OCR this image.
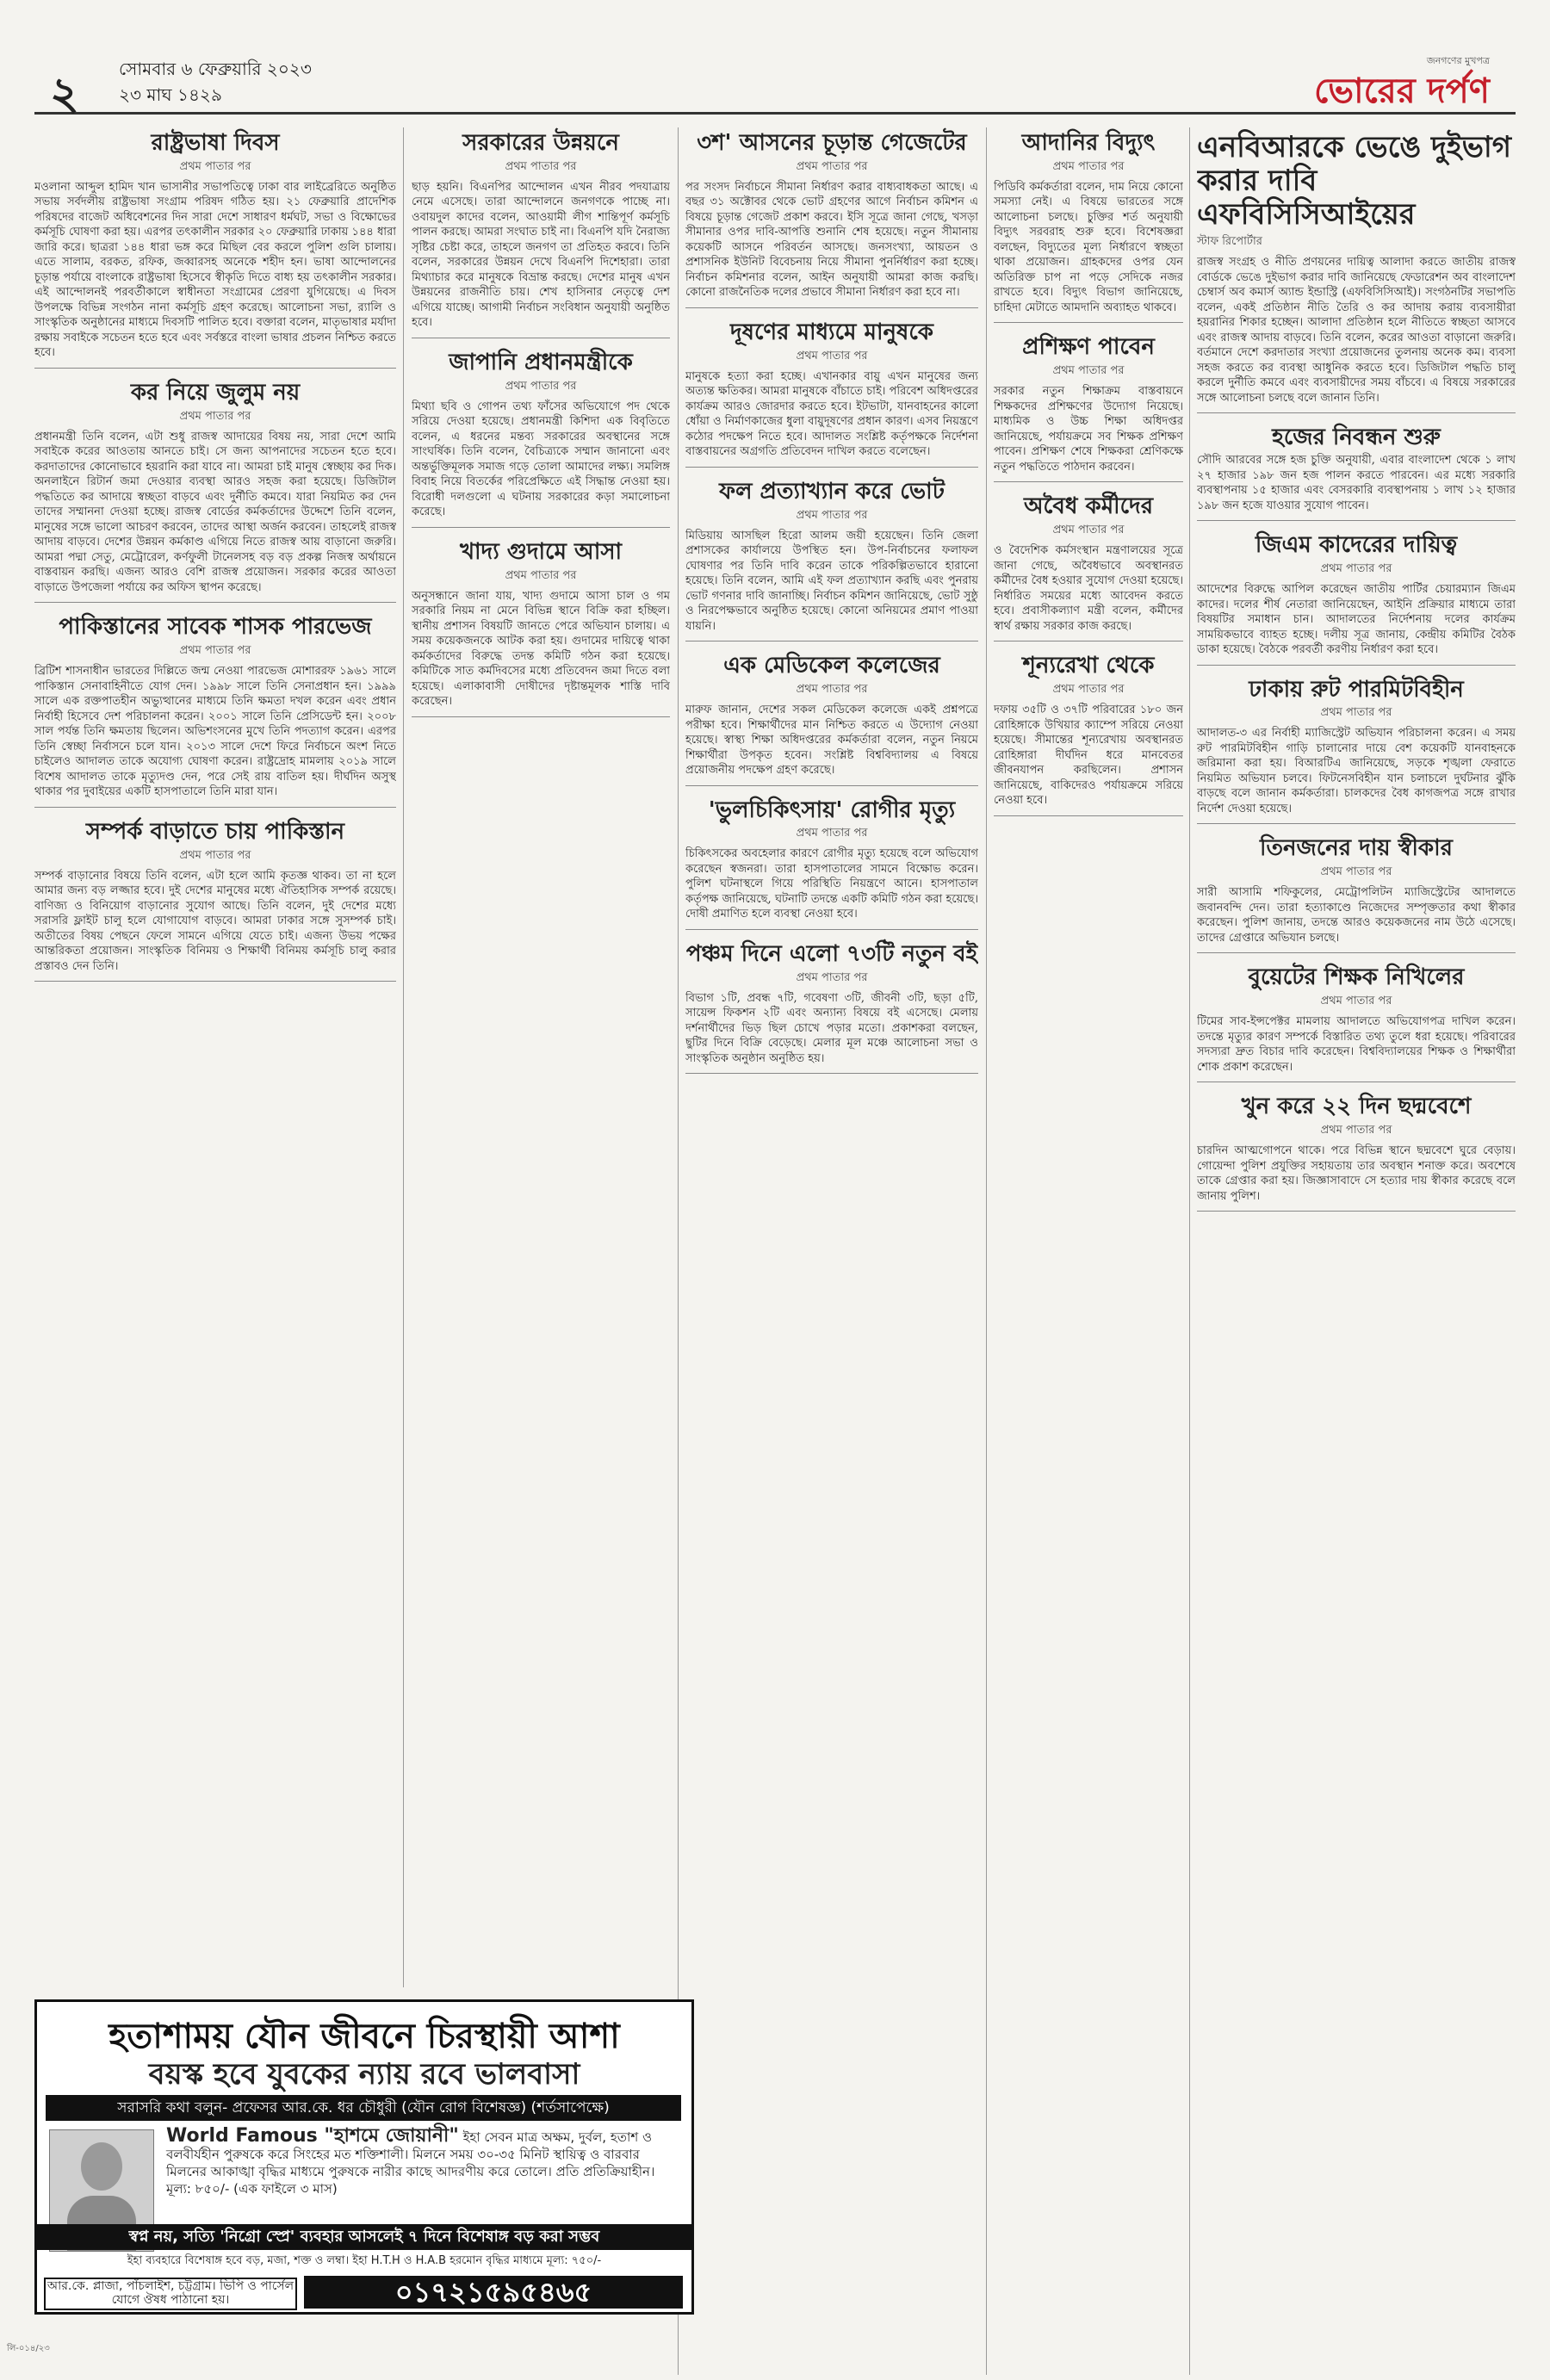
২ সোমবার ৬ ফেব্রুয়ারি ২০২৩
২৩ মাঘ ১৪২৯
জনগণের মুখপত্র
ভোরের দর্পণ
রাষ্ট্রভাষা দিবস
প্রথম পাতার পর

মওলানা আব্দুল হামিদ খান ভাসানীর সভাপতিত্বে ঢাকা বার লাইব্রেরিতে অনুষ্ঠিত সভায় সর্বদলীয় রাষ্ট্রভাষা সংগ্রাম পরিষদ গঠিত হয়। ২১ ফেব্রুয়ারি প্রাদেশিক পরিষদের বাজেট অধিবেশনের দিন সারা দেশে সাধারণ ধর্মঘট, সভা ও বিক্ষোভের কর্মসূচি ঘোষণা করা হয়। এরপর তৎকালীন সরকার ২০ ফেব্রুয়ারি ঢাকায় ১৪৪ ধারা জারি করে। ছাত্ররা ১৪৪ ধারা ভঙ্গ করে মিছিল বের করলে পুলিশ গুলি চালায়। এতে সালাম, বরকত, রফিক, জব্বারসহ অনেকে শহীদ হন। ভাষা আন্দোলনের চূড়ান্ত পর্যায়ে বাংলাকে রাষ্ট্রভাষা হিসেবে স্বীকৃতি দিতে বাধ্য হয় তৎকালীন সরকার। এই আন্দোলনই পরবর্তীকালে স্বাধীনতা সংগ্রামের প্রেরণা যুগিয়েছে। এ দিবস উপলক্ষে বিভিন্ন সংগঠন নানা কর্মসূচি গ্রহণ করেছে। আলোচনা সভা, র‌্যালি ও সাংস্কৃতিক অনুষ্ঠানের মাধ্যমে দিবসটি পালিত হবে। বক্তারা বলেন, মাতৃভাষার মর্যাদা রক্ষায় সবাইকে সচেতন হতে হবে এবং সর্বস্তরে বাংলা ভাষার প্রচলন নিশ্চিত করতে হবে।

কর নিয়ে জুলুম নয়
প্রথম পাতার পর

প্রধানমন্ত্রী তিনি বলেন, এটা শুধু রাজস্ব আদায়ের বিষয় নয়, সারা দেশে আমি সবাইকে করের আওতায় আনতে চাই। সে জন্য আপনাদের সচেতন হতে হবে। করদাতাদের কোনোভাবে হয়রানি করা যাবে না। আমরা চাই মানুষ স্বেচ্ছায় কর দিক। অনলাইনে রিটার্ন জমা দেওয়ার ব্যবস্থা আরও সহজ করা হয়েছে। ডিজিটাল পদ্ধতিতে কর আদায়ে স্বচ্ছতা বাড়বে এবং দুর্নীতি কমবে। যারা নিয়মিত কর দেন তাদের সম্মাননা দেওয়া হচ্ছে। রাজস্ব বোর্ডের কর্মকর্তাদের উদ্দেশে তিনি বলেন, মানুষের সঙ্গে ভালো আচরণ করবেন, তাদের আস্থা অর্জন করবেন। তাহলেই রাজস্ব আদায় বাড়বে। দেশের উন্নয়ন কর্মকাণ্ড এগিয়ে নিতে রাজস্ব আয় বাড়ানো জরুরি। আমরা পদ্মা সেতু, মেট্রোরেল, কর্ণফুলী টানেলসহ বড় বড় প্রকল্প নিজস্ব অর্থায়নে বাস্তবায়ন করছি। এজন্য আরও বেশি রাজস্ব প্রয়োজন। সরকার করের আওতা বাড়াতে উপজেলা পর্যায়ে কর অফিস স্থাপন করেছে।

পাকিস্তানের সাবেক শাসক পারভেজ
প্রথম পাতার পর

ব্রিটিশ শাসনাধীন ভারতের দিল্লিতে জন্ম নেওয়া পারভেজ মোশাররফ ১৯৬১ সালে পাকিস্তান সেনাবাহিনীতে যোগ দেন। ১৯৯৮ সালে তিনি সেনাপ্রধান হন। ১৯৯৯ সালে এক রক্তপাতহীন অভ্যুত্থানের মাধ্যমে তিনি ক্ষমতা দখল করেন এবং প্রধান নির্বাহী হিসেবে দেশ পরিচালনা করেন। ২০০১ সালে তিনি প্রেসিডেন্ট হন। ২০০৮ সাল পর্যন্ত তিনি ক্ষমতায় ছিলেন। অভিশংসনের মুখে তিনি পদত্যাগ করেন। এরপর তিনি স্বেচ্ছা নির্বাসনে চলে যান। ২০১৩ সালে দেশে ফিরে নির্বাচনে অংশ নিতে চাইলেও আদালত তাকে অযোগ্য ঘোষণা করেন। রাষ্ট্রদ্রোহ মামলায় ২০১৯ সালে বিশেষ আদালত তাকে মৃত্যুদণ্ড দেন, পরে সেই রায় বাতিল হয়। দীর্ঘদিন অসুস্থ থাকার পর দুবাইয়ের একটি হাসপাতালে তিনি মারা যান।

সম্পর্ক বাড়াতে চায় পাকিস্তান
প্রথম পাতার পর

সম্পর্ক বাড়ানোর বিষয়ে তিনি বলেন, এটা হলে আমি কৃতজ্ঞ থাকব। তা না হলে আমার জন্য বড় লজ্জার হবে। দুই দেশের মানুষের মধ্যে ঐতিহাসিক সম্পর্ক রয়েছে। বাণিজ্য ও বিনিয়োগ বাড়ানোর সুযোগ আছে। তিনি বলেন, দুই দেশের মধ্যে সরাসরি ফ্লাইট চালু হলে যোগাযোগ বাড়বে। আমরা ঢাকার সঙ্গে সুসম্পর্ক চাই। অতীতের বিষয় পেছনে ফেলে সামনে এগিয়ে যেতে চাই। এজন্য উভয় পক্ষের আন্তরিকতা প্রয়োজন। সাংস্কৃতিক বিনিময় ও শিক্ষার্থী বিনিময় কর্মসূচি চালু করার প্রস্তাবও দেন তিনি।

সরকারের উন্নয়নে
প্রথম পাতার পর

ছাড় হয়নি। বিএনপির আন্দোলন এখন নীরব পদযাত্রায় নেমে এসেছে। তারা আন্দোলনে জনগণকে পাচ্ছে না। ওবায়দুল কাদের বলেন, আওয়ামী লীগ শান্তিপূর্ণ কর্মসূচি পালন করছে। আমরা সংঘাত চাই না। বিএনপি যদি নৈরাজ্য সৃষ্টির চেষ্টা করে, তাহলে জনগণ তা প্রতিহত করবে। তিনি বলেন, সরকারের উন্নয়ন দেখে বিএনপি দিশেহারা। তারা মিথ্যাচার করে মানুষকে বিভ্রান্ত করছে। দেশের মানুষ এখন উন্নয়নের রাজনীতি চায়। শেখ হাসিনার নেতৃত্বে দেশ এগিয়ে যাচ্ছে। আগামী নির্বাচন সংবিধান অনুযায়ী অনুষ্ঠিত হবে।

জাপানি প্রধানমন্ত্রীকে
প্রথম পাতার পর

মিথ্যা ছবি ও গোপন তথ্য ফাঁসের অভিযোগে পদ থেকে সরিয়ে দেওয়া হয়েছে। প্রধানমন্ত্রী কিশিদা এক বিবৃতিতে বলেন, এ ধরনের মন্তব্য সরকারের অবস্থানের সঙ্গে সাংঘর্ষিক। তিনি বলেন, বৈচিত্র্যকে সম্মান জানানো এবং অন্তর্ভুক্তিমূলক সমাজ গড়ে তোলা আমাদের লক্ষ্য। সমলিঙ্গ বিবাহ নিয়ে বিতর্কের পরিপ্রেক্ষিতে এই সিদ্ধান্ত নেওয়া হয়। বিরোধী দলগুলো এ ঘটনায় সরকারের কড়া সমালোচনা করেছে।

খাদ্য গুদামে আসা
প্রথম পাতার পর

অনুসন্ধানে জানা যায়, খাদ্য গুদামে আসা চাল ও গম সরকারি নিয়ম না মেনে বিভিন্ন স্থানে বিক্রি করা হচ্ছিল। স্থানীয় প্রশাসন বিষয়টি জানতে পেরে অভিযান চালায়। এ সময় কয়েকজনকে আটক করা হয়। গুদামের দায়িত্বে থাকা কর্মকর্তাদের বিরুদ্ধে তদন্ত কমিটি গঠন করা হয়েছে। কমিটিকে সাত কর্মদিবসের মধ্যে প্রতিবেদন জমা দিতে বলা হয়েছে। এলাকাবাসী দোষীদের দৃষ্টান্তমূলক শাস্তি দাবি করেছেন।

৩শ' আসনের চূড়ান্ত গেজেটের
প্রথম পাতার পর

পর সংসদ নির্বাচনে সীমানা নির্ধারণ করার বাধ্যবাধকতা আছে। এ বছর ৩১ অক্টোবর থেকে ভোট গ্রহণের আগে নির্বাচন কমিশন এ বিষয়ে চূড়ান্ত গেজেট প্রকাশ করবে। ইসি সূত্রে জানা গেছে, খসড়া সীমানার ওপর দাবি-আপত্তি শুনানি শেষ হয়েছে। নতুন সীমানায় কয়েকটি আসনে পরিবর্তন আসছে। জনসংখ্যা, আয়তন ও প্রশাসনিক ইউনিট বিবেচনায় নিয়ে সীমানা পুনর্নির্ধারণ করা হচ্ছে। নির্বাচন কমিশনার বলেন, আইন অনুযায়ী আমরা কাজ করছি। কোনো রাজনৈতিক দলের প্রভাবে সীমানা নির্ধারণ করা হবে না।

দূষণের মাধ্যমে মানুষকে
প্রথম পাতার পর

মানুষকে হত্যা করা হচ্ছে। এখানকার বায়ু এখন মানুষের জন্য অত্যন্ত ক্ষতিকর। আমরা মানুষকে বাঁচাতে চাই। পরিবেশ অধিদপ্তরের কার্যক্রম আরও জোরদার করতে হবে। ইটভাটা, যানবাহনের কালো ধোঁয়া ও নির্মাণকাজের ধুলা বায়ুদূষণের প্রধান কারণ। এসব নিয়ন্ত্রণে কঠোর পদক্ষেপ নিতে হবে। আদালত সংশ্লিষ্ট কর্তৃপক্ষকে নির্দেশনা বাস্তবায়নের অগ্রগতি প্রতিবেদন দাখিল করতে বলেছেন।

ফল প্রত্যাখ্যান করে ভোট
প্রথম পাতার পর

মিডিয়ায় আসছিল হিরো আলম জয়ী হয়েছেন। তিনি জেলা প্রশাসকের কার্যালয়ে উপস্থিত হন। উপ-নির্বাচনের ফলাফল ঘোষণার পর তিনি দাবি করেন তাকে পরিকল্পিতভাবে হারানো হয়েছে। তিনি বলেন, আমি এই ফল প্রত্যাখ্যান করছি এবং পুনরায় ভোট গণনার দাবি জানাচ্ছি। নির্বাচন কমিশন জানিয়েছে, ভোট সুষ্ঠু ও নিরপেক্ষভাবে অনুষ্ঠিত হয়েছে। কোনো অনিয়মের প্রমাণ পাওয়া যায়নি।

এক মেডিকেল কলেজের
প্রথম পাতার পর

মারুফ জানান, দেশের সকল মেডিকেল কলেজে একই প্রশ্নপত্রে পরীক্ষা হবে। শিক্ষার্থীদের মান নিশ্চিত করতে এ উদ্যোগ নেওয়া হয়েছে। স্বাস্থ্য শিক্ষা অধিদপ্তরের কর্মকর্তারা বলেন, নতুন নিয়মে শিক্ষার্থীরা উপকৃত হবেন। সংশ্লিষ্ট বিশ্ববিদ্যালয় এ বিষয়ে প্রয়োজনীয় পদক্ষেপ গ্রহণ করেছে।

'ভুলচিকিৎসায়' রোগীর মৃত্যু
প্রথম পাতার পর

চিকিৎসকের অবহেলার কারণে রোগীর মৃত্যু হয়েছে বলে অভিযোগ করেছেন স্বজনরা। তারা হাসপাতালের সামনে বিক্ষোভ করেন। পুলিশ ঘটনাস্থলে গিয়ে পরিস্থিতি নিয়ন্ত্রণে আনে। হাসপাতাল কর্তৃপক্ষ জানিয়েছে, ঘটনাটি তদন্তে একটি কমিটি গঠন করা হয়েছে। দোষী প্রমাণিত হলে ব্যবস্থা নেওয়া হবে।

পঞ্চম দিনে এলো ৭৩টি নতুন বই
প্রথম পাতার পর

বিভাগ ১টি, প্রবন্ধ ৭টি, গবেষণা ৩টি, জীবনী ৩টি, ছড়া ৫টি, সায়েন্স ফিকশন ২টি এবং অন্যান্য বিষয়ে বই এসেছে। মেলায় দর্শনার্থীদের ভিড় ছিল চোখে পড়ার মতো। প্রকাশকরা বলছেন, ছুটির দিনে বিক্রি বেড়েছে। মেলার মূল মঞ্চে আলোচনা সভা ও সাংস্কৃতিক অনুষ্ঠান অনুষ্ঠিত হয়।

আদানির বিদ্যুৎ
প্রথম পাতার পর

পিডিবি কর্মকর্তারা বলেন, দাম নিয়ে কোনো সমস্যা নেই। এ বিষয়ে ভারতের সঙ্গে আলোচনা চলছে। চুক্তির শর্ত অনুযায়ী বিদ্যুৎ সরবরাহ শুরু হবে। বিশেষজ্ঞরা বলছেন, বিদ্যুতের মূল্য নির্ধারণে স্বচ্ছতা থাকা প্রয়োজন। গ্রাহকদের ওপর যেন অতিরিক্ত চাপ না পড়ে সেদিকে নজর রাখতে হবে। বিদ্যুৎ বিভাগ জানিয়েছে, চাহিদা মেটাতে আমদানি অব্যাহত থাকবে।

প্রশিক্ষণ পাবেন
প্রথম পাতার পর

সরকার নতুন শিক্ষাক্রম বাস্তবায়নে শিক্ষকদের প্রশিক্ষণের উদ্যোগ নিয়েছে। মাধ্যমিক ও উচ্চ শিক্ষা অধিদপ্তর জানিয়েছে, পর্যায়ক্রমে সব শিক্ষক প্রশিক্ষণ পাবেন। প্রশিক্ষণ শেষে শিক্ষকরা শ্রেণিকক্ষে নতুন পদ্ধতিতে পাঠদান করবেন।

অবৈধ কর্মীদের
প্রথম পাতার পর

ও বৈদেশিক কর্মসংস্থান মন্ত্রণালয়ের সূত্রে জানা গেছে, অবৈধভাবে অবস্থানরত কর্মীদের বৈধ হওয়ার সুযোগ দেওয়া হয়েছে। নির্ধারিত সময়ের মধ্যে আবেদন করতে হবে। প্রবাসীকল্যাণ মন্ত্রী বলেন, কর্মীদের স্বার্থ রক্ষায় সরকার কাজ করছে।

শূন্যরেখা থেকে
প্রথম পাতার পর

দফায় ৩৫টি ও ৩৭টি পরিবারের ১৮০ জন রোহিঙ্গাকে উখিয়ার ক্যাম্পে সরিয়ে নেওয়া হয়েছে। সীমান্তের শূন্যরেখায় অবস্থানরত রোহিঙ্গারা দীর্ঘদিন ধরে মানবেতর জীবনযাপন করছিলেন। প্রশাসন জানিয়েছে, বাকিদেরও পর্যায়ক্রমে সরিয়ে নেওয়া হবে।

এনবিআরকে ভেঙে দুইভাগ করার দাবি এফবিসিসিআইয়ের
স্টাফ রিপোর্টার

রাজস্ব সংগ্রহ ও নীতি প্রণয়নের দায়িত্ব আলাদা করতে জাতীয় রাজস্ব বোর্ডকে ভেঙে দুইভাগ করার দাবি জানিয়েছে ফেডারেশন অব বাংলাদেশ চেম্বার্স অব কমার্স অ্যান্ড ইন্ডাস্ট্রি (এফবিসিসিআই)। সংগঠনটির সভাপতি বলেন, একই প্রতিষ্ঠান নীতি তৈরি ও কর আদায় করায় ব্যবসায়ীরা হয়রানির শিকার হচ্ছেন। আলাদা প্রতিষ্ঠান হলে নীতিতে স্বচ্ছতা আসবে এবং রাজস্ব আদায় বাড়বে। তিনি বলেন, করের আওতা বাড়ানো জরুরি। বর্তমানে দেশে করদাতার সংখ্যা প্রয়োজনের তুলনায় অনেক কম। ব্যবসা সহজ করতে কর ব্যবস্থা আধুনিক করতে হবে। ডিজিটাল পদ্ধতি চালু করলে দুর্নীতি কমবে এবং ব্যবসায়ীদের সময় বাঁচবে। এ বিষয়ে সরকারের সঙ্গে আলোচনা চলছে বলে জানান তিনি।

হজের নিবন্ধন শুরু

সৌদি আরবের সঙ্গে হজ চুক্তি অনুযায়ী, এবার বাংলাদেশ থেকে ১ লাখ ২৭ হাজার ১৯৮ জন হজ পালন করতে পারবেন। এর মধ্যে সরকারি ব্যবস্থাপনায় ১৫ হাজার এবং বেসরকারি ব্যবস্থাপনায় ১ লাখ ১২ হাজার ১৯৮ জন হজে যাওয়ার সুযোগ পাবেন।

জিএম কাদেরের দায়িত্ব
প্রথম পাতার পর

আদেশের বিরুদ্ধে আপিল করেছেন জাতীয় পার্টির চেয়ারম্যান জিএম কাদের। দলের শীর্ষ নেতারা জানিয়েছেন, আইনি প্রক্রিয়ার মাধ্যমে তারা বিষয়টির সমাধান চান। আদালতের নির্দেশনায় দলের কার্যক্রম সাময়িকভাবে ব্যাহত হচ্ছে। দলীয় সূত্র জানায়, কেন্দ্রীয় কমিটির বৈঠক ডাকা হয়েছে। বৈঠকে পরবর্তী করণীয় নির্ধারণ করা হবে।

ঢাকায় রুট পারমিটবিহীন
প্রথম পাতার পর

আদালত-৩ এর নির্বাহী ম্যাজিস্ট্রেট অভিযান পরিচালনা করেন। এ সময় রুট পারমিটবিহীন গাড়ি চালানোর দায়ে বেশ কয়েকটি যানবাহনকে জরিমানা করা হয়। বিআরটিএ জানিয়েছে, সড়কে শৃঙ্খলা ফেরাতে নিয়মিত অভিযান চলবে। ফিটনেসবিহীন যান চলাচলে দুর্ঘটনার ঝুঁকি বাড়ছে বলে জানান কর্মকর্তারা। চালকদের বৈধ কাগজপত্র সঙ্গে রাখার নির্দেশ দেওয়া হয়েছে।

তিনজনের দায় স্বীকার
প্রথম পাতার পর

সারী আসামি শফিকুলের, মেট্রোপলিটন ম্যাজিস্ট্রেটের আদালতে জবানবন্দি দেন। তারা হত্যাকাণ্ডে নিজেদের সম্পৃক্ততার কথা স্বীকার করেছেন। পুলিশ জানায়, তদন্তে আরও কয়েকজনের নাম উঠে এসেছে। তাদের গ্রেপ্তারে অভিযান চলছে।

বুয়েটের শিক্ষক নিখিলের
প্রথম পাতার পর

টিমের সাব-ইন্সপেক্টর মামলায় আদালতে অভিযোগপত্র দাখিল করেন। তদন্তে মৃত্যুর কারণ সম্পর্কে বিস্তারিত তথ্য তুলে ধরা হয়েছে। পরিবারের সদস্যরা দ্রুত বিচার দাবি করেছেন। বিশ্ববিদ্যালয়ের শিক্ষক ও শিক্ষার্থীরা শোক প্রকাশ করেছেন।

খুন করে ২২ দিন ছদ্মবেশে
প্রথম পাতার পর

চারদিন আত্মগোপনে থাকে। পরে বিভিন্ন স্থানে ছদ্মবেশে ঘুরে বেড়ায়। গোয়েন্দা পুলিশ প্রযুক্তির সহায়তায় তার অবস্থান শনাক্ত করে। অবশেষে তাকে গ্রেপ্তার করা হয়। জিজ্ঞাসাবাদে সে হত্যার দায় স্বীকার করেছে বলে জানায় পুলিশ।

হতাশাময় যৌন জীবনে চিরস্থায়ী আশা
বয়স্ক হবে যুবকের ন্যায় রবে ভালবাসা
সরাসরি কথা বলুন- প্রফেসর আর.কে. ধর চৌধুরী (যৌন রোগ বিশেষজ্ঞ) (শর্তসাপেক্ষে)
World Famous "হাশমে জোয়ানী" ইহা সেবন মাত্র অক্ষম, দুর্বল, হতাশ ও বলবীর্যহীন পুরুষকে করে সিংহের মত শক্তিশালী। মিলনে সময় ৩০-৩৫ মিনিট স্থায়িত্ব ও বারবার মিলনের আকাঙ্খা বৃদ্ধির মাধ্যমে পুরুষকে নারীর কাছে আদরণীয় করে তোলে। প্রতি প্রতিক্রিয়াহীন। মূল্য: ৮৫০/- (এক ফাইলে ৩ মাস)
স্বপ্ন নয়, সত্যি 'নিগ্রো স্প্রে' ব্যবহার আসলেই ৭ দিনে বিশেষাঙ্গ বড় করা সম্ভব
ইহা ব্যবহারে বিশেষাঙ্গ হবে বড়, মজা, শক্ত ও লম্বা। ইহা H.T.H ও H.A.B হরমোন বৃদ্ধির মাধ্যমে মূল্য: ৭৫০/-
আর.কে. প্লাজা, পাঁচলাইশ, চট্টগ্রাম। ভিপি ও পার্সেল যোগে ঔষধ পাঠানো হয়।	০১৭২১৫৯৫৪৬৫
লি-০১৪/২৩
